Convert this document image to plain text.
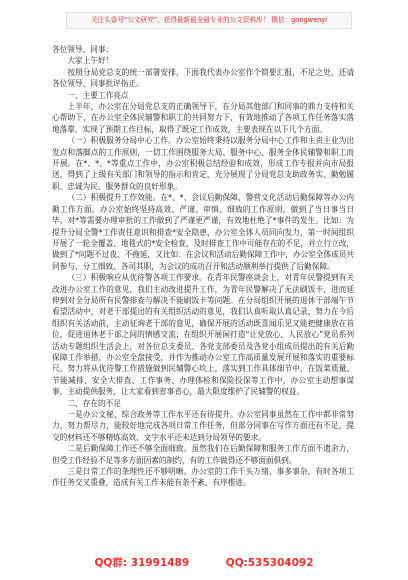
关注头条号“公文研究”，获得最新最全最专业的公文资料库！ 微信：gongwenyi

各位领导、同事：

大家上午好！

按照分局党总支的统一部署安排，下面我代表办公室作个简要汇报，不足之处，还请各位领导、同事批评指正。

一、主要工作亮点

上半年，办公室在分局党总支的正确领导下，在分局其他部门和同事的鼎力支持和关心帮助下，在办公室全体民辅警和职工的共同努力下，有效地推动了各项工作任务落实落地落靠，实现了预期工作目标，取得了既定工作成效，主要表现在以下几个方面。

（一）积极服务分局中心工作。办公室始终秉持以服务分局中心工作和主责主业为出发点和落脚点的工作原则，一切工作围绕服务大局、服务中心、服务全体民辅警和职工而开展。在*、*、*等重点工作中，办公室积极总结经验和成效，形成工作专报并向市局报送，得到了上级有关部门和领导的指示和肯定，充分展现了分局党总支助政务实、勤勉履职、忠诚为民、服务群众的良好形象。

（二）积极提升工作效能。在*、*、会议后勤保障、警营文化活动后勤保障等办公内勤工作方面，办公室始终坚持高效、严谨、审慎、细致的工作原则，做到了当日事当日毕，对*等需要办理审批的工作做到了严谨更严谨，有效地杜绝了*事件的发生。比如：为提升分局全警*工作责任意识和排查*安全隐患，办公室全体人员同向发力，第一时间组织开展了一轮全覆盖、地毯式的*安全检查，及时排查工作中可能存在的不足，并立行立改，做到了*问题不过夜、不拖延，又比如：在会议和活动后勤保障工作中，办公室全体成员共同参与、分工细致、各司其职，为会议的成功召开和活动顺利举行提供了后勤保障。

（三）积极响应从优待警各项工作要求。在青年民警座谈会上，对青年民警提到有关改进办公室工作的意见，我们主动改进提升工作，为青年民警解决了无法刷饭卡，进而延伸到对全分局所有民警排查与解决不能刷饭卡等问题。在分局组织开展的退休干部端午节看望活动中，对老干部提出的有关组织活动的意见，我们认真听取认真记录，努力在今后组织有关活动前，主动征询老干部的意见，确保开展的活动既喜闻乐见又能把健康放在首位，促进退休老干部之间的情感交流；在组织开展闲打造“让党放心、人民放心”党员系列活动专题组织生活会上，对各位总支委员、各党支部委员及各党小组成员提出的有关后勤保障工作举措，办公室全盘接受，并作为推动办公室工作高质量发展开展和落实的重要标尺。努力将从优待警工作措施做到民辅警心坎上，落实到工作具体细节中，在饭菜质量、节能减排、安全大排查、工作事务、办理体检和保险投保等工作中，办公室主动想事谋事，主动提供服务，让大家看到省事省心，最大限度维护了民辅警的权益。

二、存在的不足

一是办公文秘、综合政务等工作水平还有待提升。办公室同事虽然在工作中都非常努力，努力帮尽力，能较好地完成各项日常工作任务，但部分同事在写作方面还有不足，提交的材料还不够精炼高效，文字水平还未达到分局领导的要求。

二是后勤保障工作还不够全面细致。虽然我们在后勤保障和服务工作方面不遗余力，但受工作经验不足等多方面因素的制约，有的工作做得还不够面面俱到。

三是日常工作的条理性还不够明晰。办公室的工作千头万绪，事多事杂，有时各项工作任务交叉重叠，造成有关工作未能有条不紊、有序推进。

QQ群: 31991489	QQ:535304092
